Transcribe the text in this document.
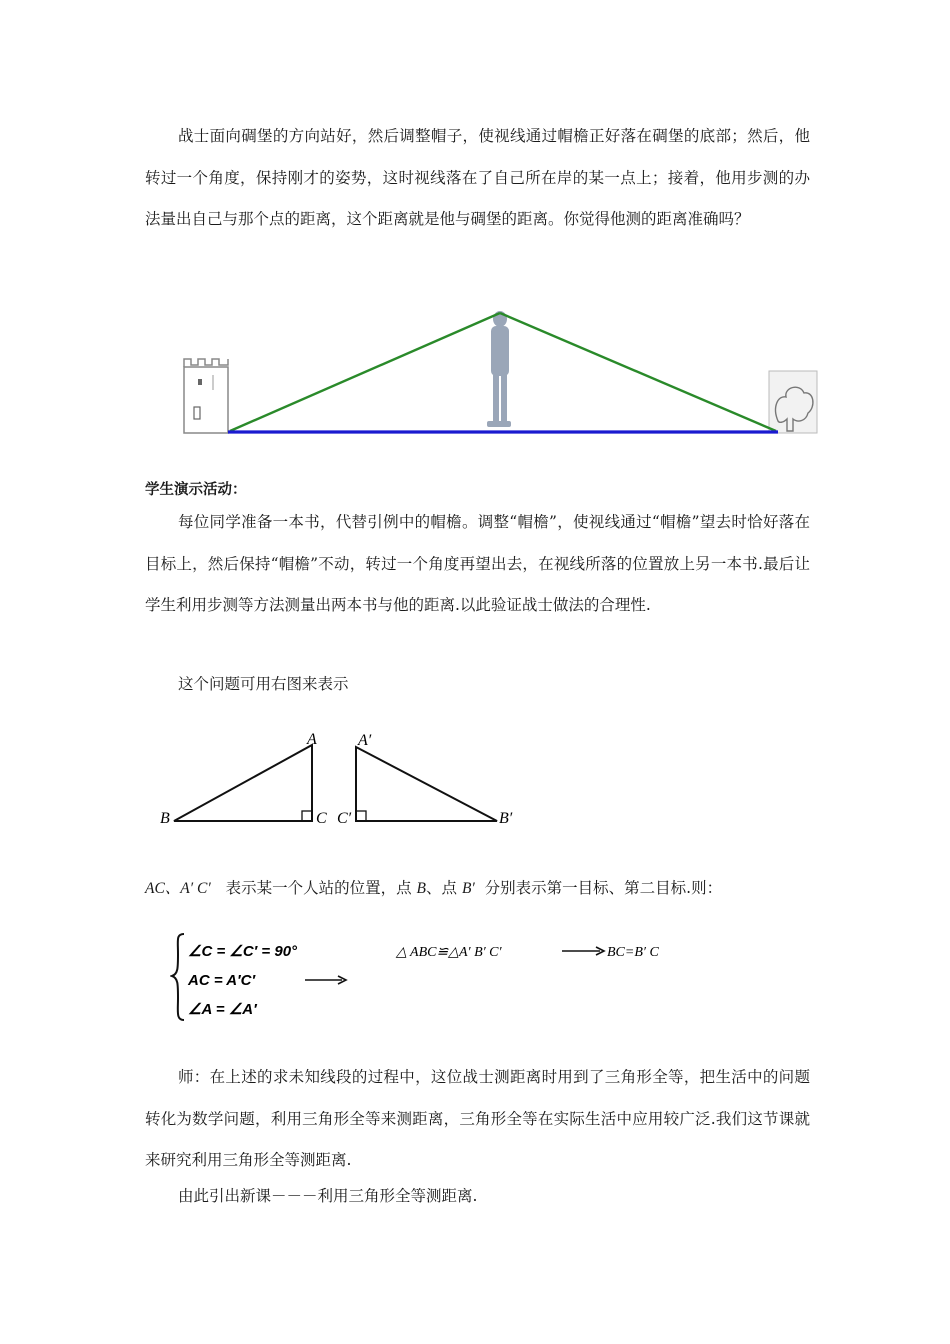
战士面向碉堡的方向站好，然后调整帽子，使视线通过帽檐正好落在碉堡的底部；然后，他转过一个角度，保持刚才的姿势，这时视线落在了自己所在岸的某一点上；接着，他用步测的办法量出自己与那个点的距离，这个距离就是他与碉堡的距离。你觉得他测的距离准确吗？

学生演示活动：

每位同学准备一本书，代替引例中的帽檐。调整“帽檐”，使视线通过“帽檐”望去时恰好落在目标上，然后保持“帽檐”不动，转过一个角度再望出去，在视线所落的位置放上另一本书.最后让学生利用步测等方法测量出两本书与他的距离.以此验证战士做法的合理性.

这个问题可用右图来表示
A
B	C
A′
B′
C′
AC、A′ C′ 表示某一个人站的位置，点 B、点 B′ 分别表示第一目标、第二目标.则：
∠C = ∠C′ = 90°
AC = A′C′
∠A = ∠A′
△ ABC≌△A′ B′ C′	BC=B′ C

师：在上述的求未知线段的过程中，这位战士测距离时用到了三角形全等，把生活中的问题转化为数学问题，利用三角形全等来测距离，三角形全等在实际生活中应用较广泛.我们这节课就来研究利用三角形全等测距离.

由此引出新课－－－利用三角形全等测距离.
